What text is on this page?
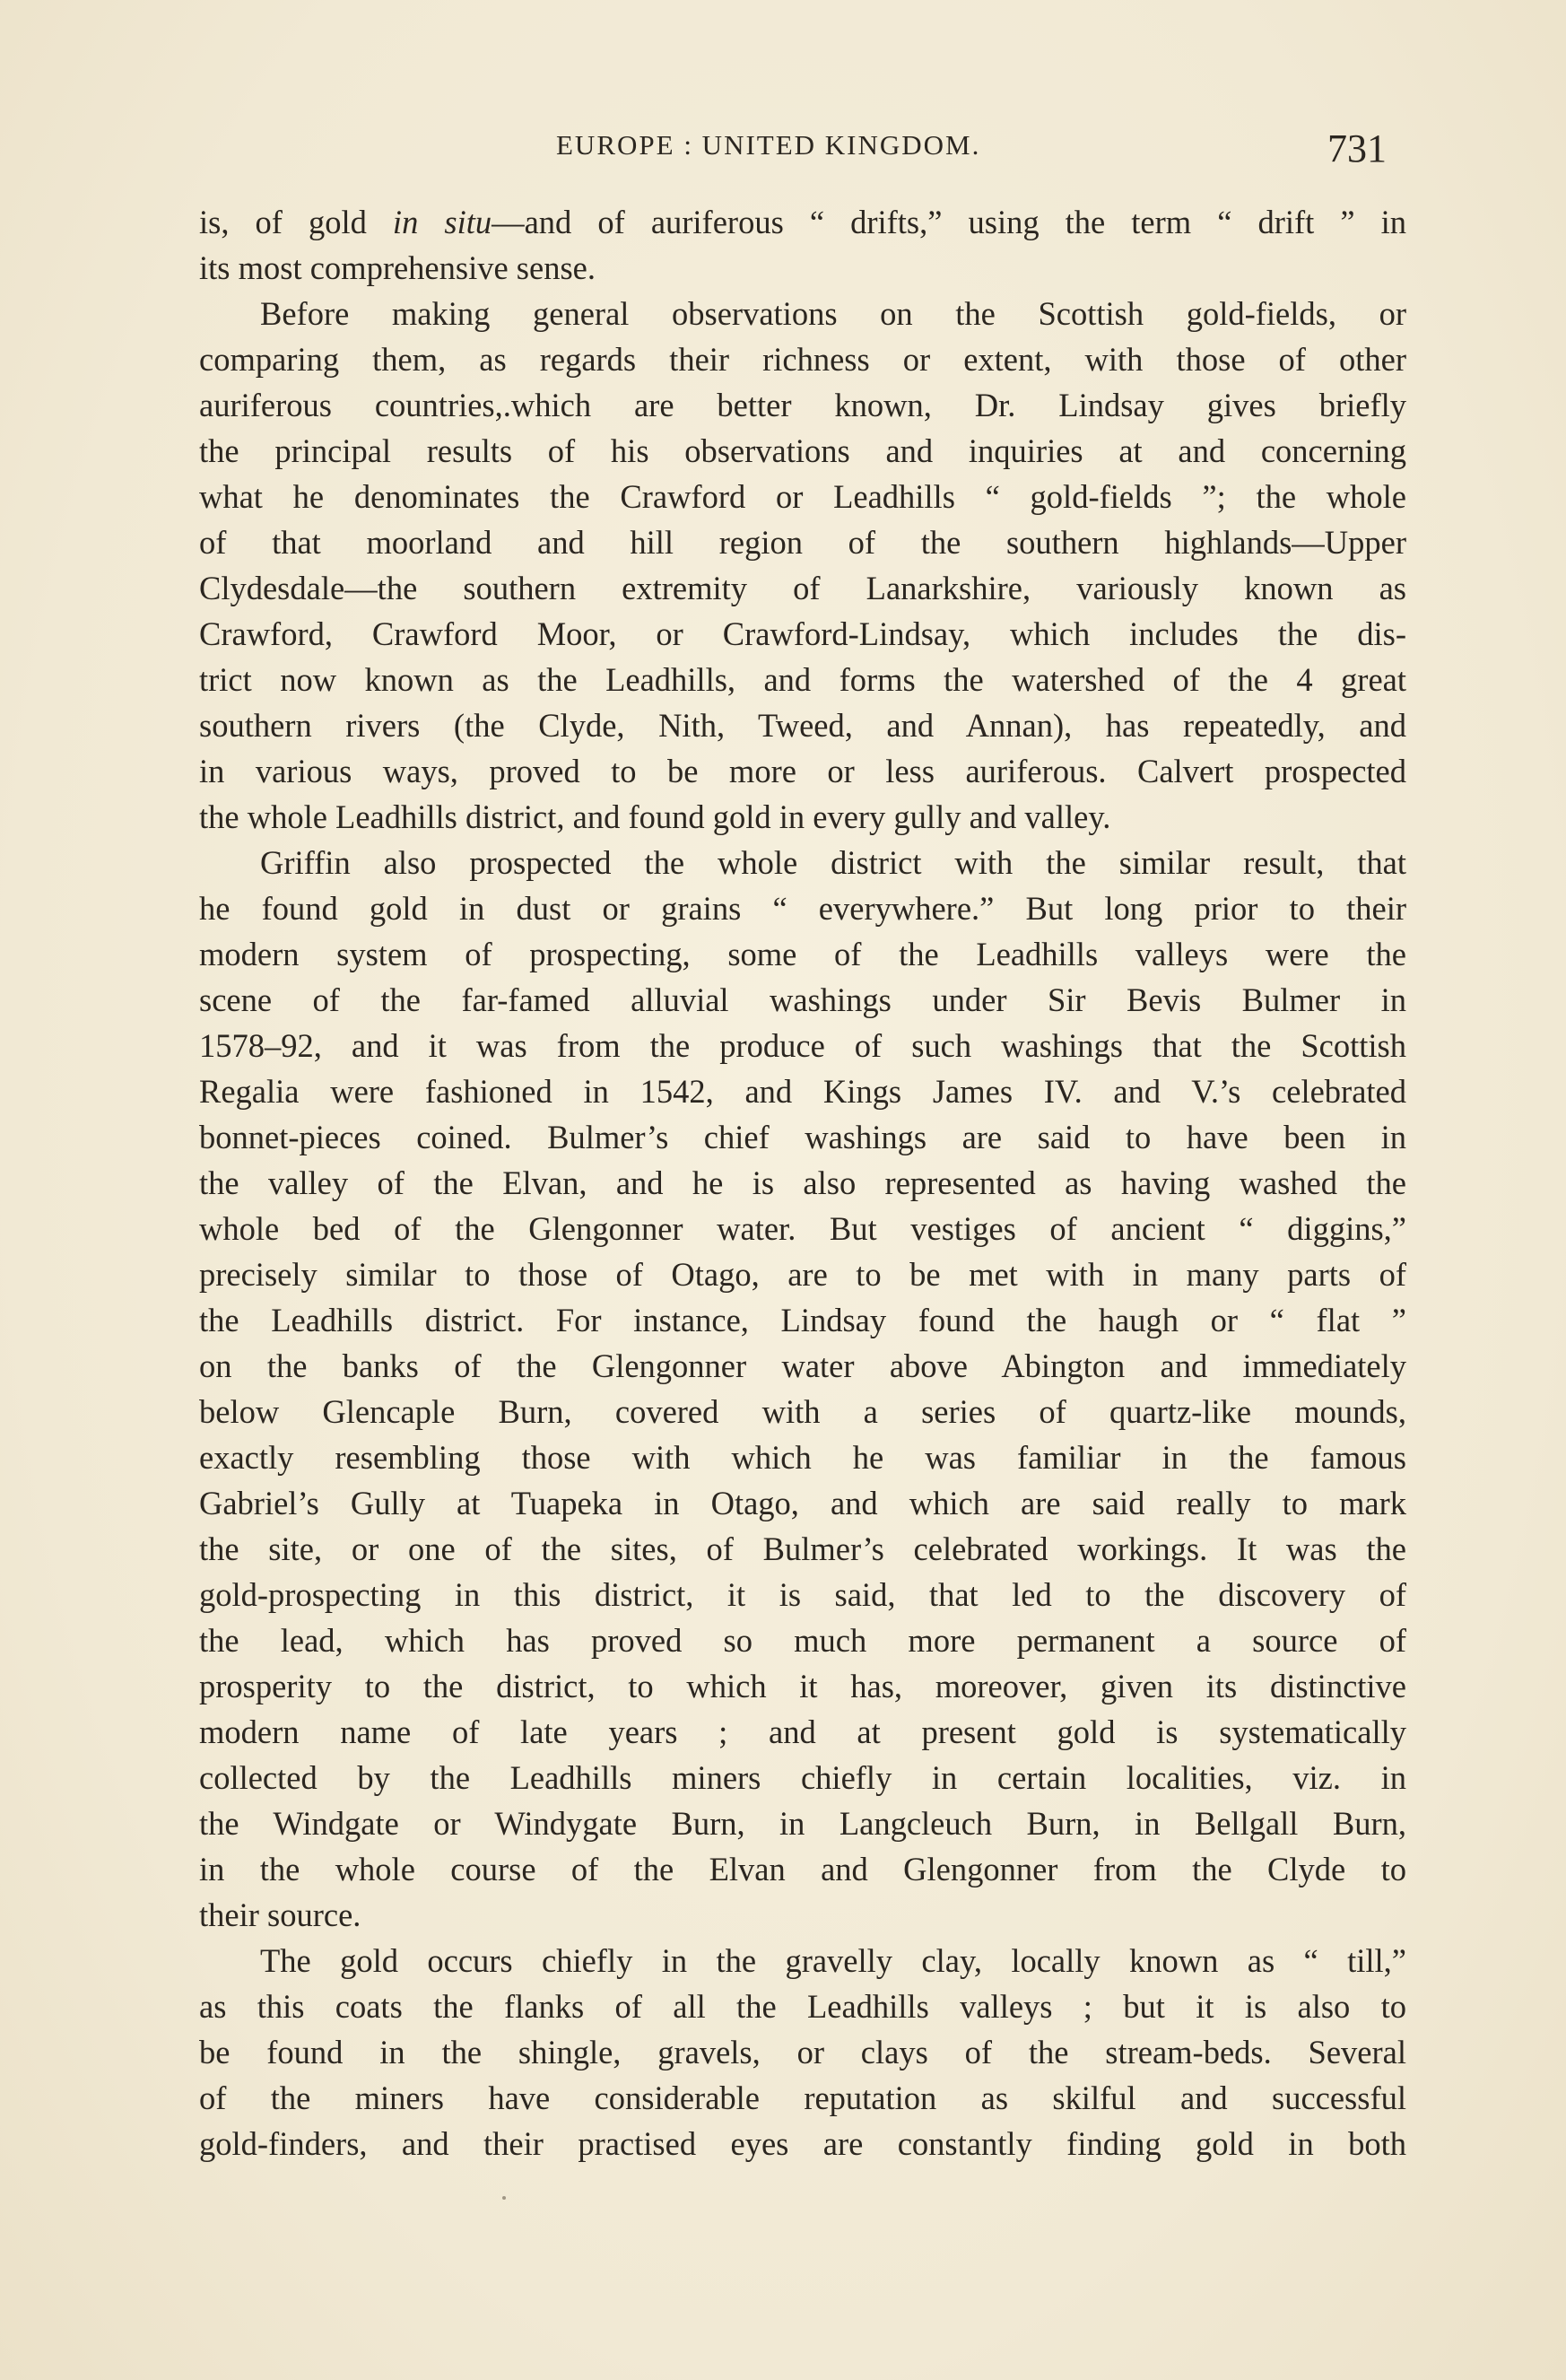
EUROPE : UNITED KINGDOM.	731
is, of gold in situ—and of auriferous “ drifts,” using the term “ drift ” in
its most comprehensive sense.
Before making general observations on the Scottish gold-fields, or
comparing them, as regards their richness or extent, with those of other
auriferous countries,.which are better known, Dr. Lindsay gives briefly
the principal results of his observations and inquiries at and concerning
what he denominates the Crawford or Leadhills “ gold-fields ”; the whole
of that moorland and hill region of the southern highlands—Upper
Clydesdale—the southern extremity of Lanarkshire, variously known as
Crawford, Crawford Moor, or Crawford-Lindsay, which includes the dis-
trict now known as the Leadhills, and forms the watershed of the 4 great
southern rivers (the Clyde, Nith, Tweed, and Annan), has repeatedly, and
in various ways, proved to be more or less auriferous. Calvert prospected
the whole Leadhills district, and found gold in every gully and valley.
Griffin also prospected the whole district with the similar result, that
he found gold in dust or grains “ everywhere.” But long prior to their
modern system of prospecting, some of the Leadhills valleys were the
scene of the far-famed alluvial washings under Sir Bevis Bulmer in
1578–92, and it was from the produce of such washings that the Scottish
Regalia were fashioned in 1542, and Kings James IV. and V.’s celebrated
bonnet-pieces coined. Bulmer’s chief washings are said to have been in
the valley of the Elvan, and he is also represented as having washed the
whole bed of the Glengonner water. But vestiges of ancient “ diggins,”
precisely similar to those of Otago, are to be met with in many parts of
the Leadhills district. For instance, Lindsay found the haugh or “ flat ”
on the banks of the Glengonner water above Abington and immediately
below Glencaple Burn, covered with a series of quartz-like mounds,
exactly resembling those with which he was familiar in the famous
Gabriel’s Gully at Tuapeka in Otago, and which are said really to mark
the site, or one of the sites, of Bulmer’s celebrated workings. It was the
gold-prospecting in this district, it is said, that led to the discovery of
the lead, which has proved so much more permanent a source of
prosperity to the district, to which it has, moreover, given its distinctive
modern name of late years ; and at present gold is systematically
collected by the Leadhills miners chiefly in certain localities, viz. in
the Windgate or Windygate Burn, in Langcleuch Burn, in Bellgall Burn,
in the whole course of the Elvan and Glengonner from the Clyde to
their source.
The gold occurs chiefly in the gravelly clay, locally known as “ till,”
as this coats the flanks of all the Leadhills valleys ; but it is also to
be found in the shingle, gravels, or clays of the stream-beds. Several
of the miners have considerable reputation as skilful and successful
gold-finders, and their practised eyes are constantly finding gold in both
